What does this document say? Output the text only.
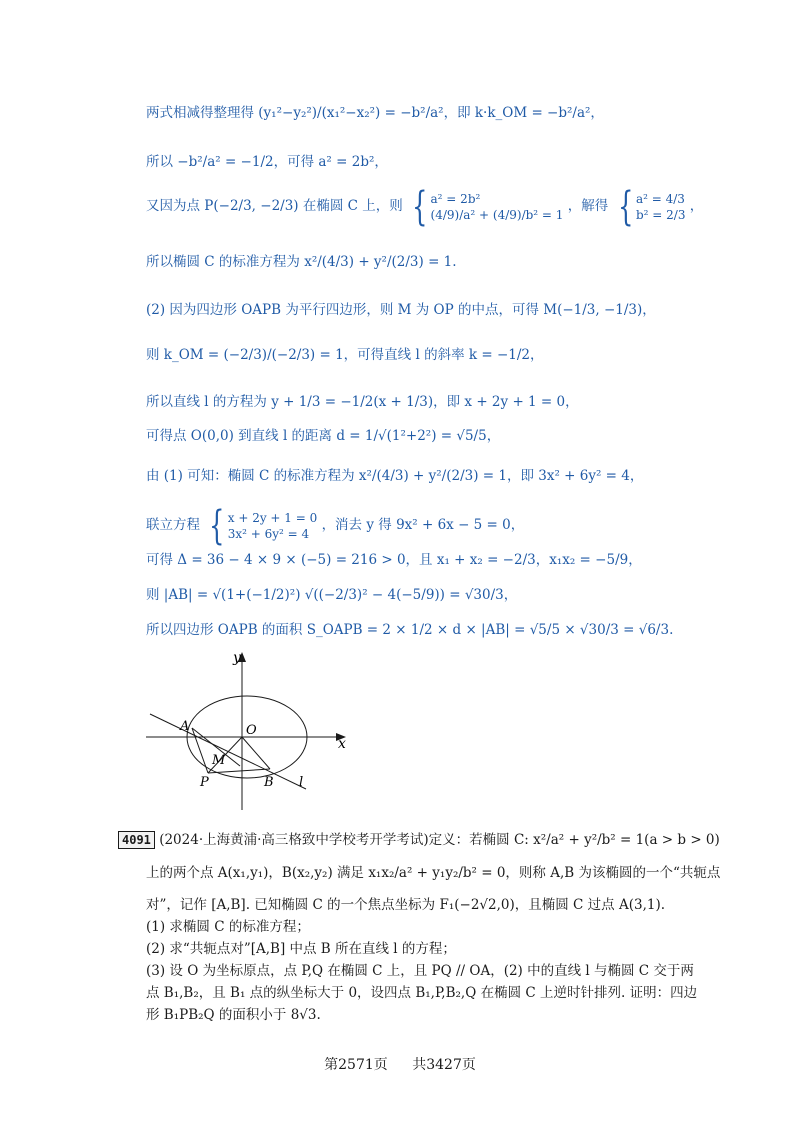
两式相减得整理得 (y₁²−y₂²)/(x₁²−x₂²) = −b²/a²，即 k·k_OM = −b²/a²，
所以 −b²/a² = −1/2，可得 a² = 2b²，
又因为点 P(−2/3, −2/3) 在椭圆 C 上，则 { a² = 2b²
(4/9)/a² + (4/9)/b² = 1
，解得 { a² = 4/3
b² = 2/3
，
所以椭圆 C 的标准方程为 x²/(4/3) + y²/(2/3) = 1.
(2) 因为四边形 OAPB 为平行四边形，则 M 为 OP 的中点，可得 M(−1/3, −1/3)，
则 k_OM = (−2/3)/(−2/3) = 1，可得直线 l 的斜率 k = −1/2，
所以直线 l 的方程为 y + 1/3 = −1/2(x + 1/3)，即 x + 2y + 1 = 0，
可得点 O(0,0) 到直线 l 的距离 d = 1/√(1²+2²) = √5/5，
由 (1) 可知：椭圆 C 的标准方程为 x²/(4/3) + y²/(2/3) = 1，即 3x² + 6y² = 4，
联立方程 { x + 2y + 1 = 0
3x² + 6y² = 4
，消去 y 得 9x² + 6x − 5 = 0，
可得 Δ = 36 − 4 × 9 × (−5) = 216 > 0，且 x₁ + x₂ = −2/3，x₁x₂ = −5/9，
则 |AB| = √(1+(−1/2)²) √((−2/3)² − 4(−5/9)) = √30/3，
所以四边形 OAPB 的面积 S_OAPB = 2 × 1/2 × d × |AB| = √5/5 × √30/3 = √6/3.
y
x
O
A
M
P	B l
4091 (2024·上海黄浦·高三格致中学校考开学考试)定义：若椭圆 C: x²/a² + y²/b² = 1(a > b > 0)
上的两个点 A(x₁,y₁)，B(x₂,y₂) 满足 x₁x₂/a² + y₁y₂/b² = 0，则称 A,B 为该椭圆的一个“共轭点
对”，记作 [A,B]. 已知椭圆 C 的一个焦点坐标为 F₁(−2√2,0)，且椭圆 C 过点 A(3,1).
(1) 求椭圆 C 的标准方程；
(2) 求“共轭点对”[A,B] 中点 B 所在直线 l 的方程；
(3) 设 O 为坐标原点，点 P,Q 在椭圆 C 上，且 PQ // OA，(2) 中的直线 l 与椭圆 C 交于两
点 B₁,B₂，且 B₁ 点的纵坐标大于 0，设四点 B₁,P,B₂,Q 在椭圆 C 上逆时针排列. 证明：四边
形 B₁PB₂Q 的面积小于 8√3.
第2571页 共3427页
